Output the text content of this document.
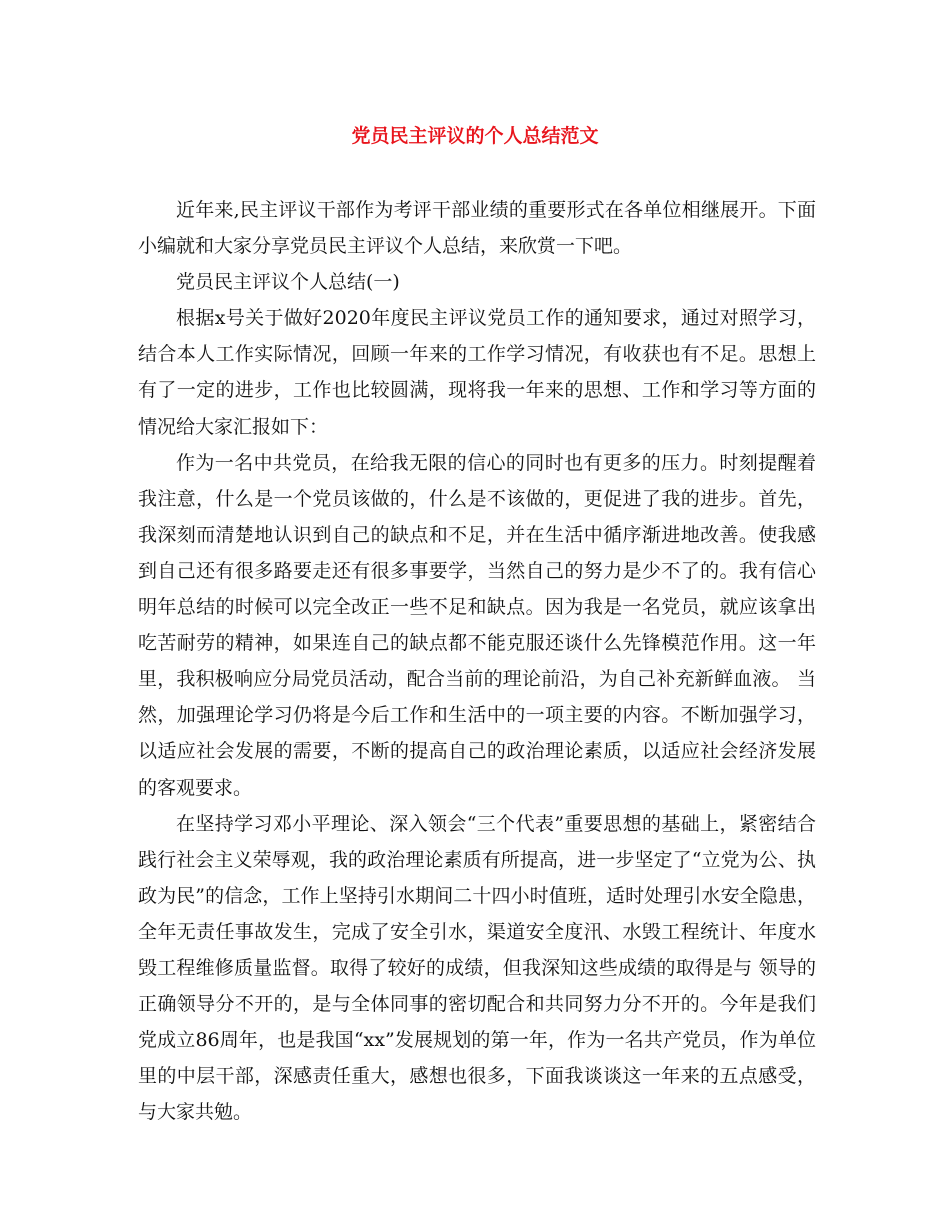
党员民主评议的个人总结范文

近年来,民主评议干部作为考评干部业绩的重要形式在各单位相继展开。下面小编就和大家分享党员民主评议个人总结，来欣赏一下吧。

党员民主评议个人总结(一)

根据x号关于做好2020年度民主评议党员工作的通知要求，通过对照学习，结合本人工作实际情况，回顾一年来的工作学习情况，有收获也有不足。思想上有了一定的进步，工作也比较圆满，现将我一年来的思想、工作和学习等方面的情况给大家汇报如下：

作为一名中共党员，在给我无限的信心的同时也有更多的压力。时刻提醒着我注意，什么是一个党员该做的，什么是不该做的，更促进了我的进步。首先，我深刻而清楚地认识到自己的缺点和不足，并在生活中循序渐进地改善。使我感到自己还有很多路要走还有很多事要学，当然自己的努力是少不了的。我有信心明年总结的时候可以完全改正一些不足和缺点。因为我是一名党员，就应该拿出吃苦耐劳的精神，如果连自己的缺点都不能克服还谈什么先锋模范作用。这一年里，我积极响应分局党员活动，配合当前的理论前沿，为自己补充新鲜血液。 当然，加强理论学习仍将是今后工作和生活中的一项主要的内容。不断加强学习，以适应社会发展的需要，不断的提高自己的政治理论素质，以适应社会经济发展的客观要求。

在坚持学习邓小平理论、深入领会“三个代表”重要思想的基础上，紧密结合践行社会主义荣辱观，我的政治理论素质有所提高，进一步坚定了“立党为公、执政为民”的信念，工作上坚持引水期间二十四小时值班，适时处理引水安全隐患，全年无责任事故发生，完成了安全引水，渠道安全度汛、水毁工程统计、年度水毁工程维修质量监督。取得了较好的成绩，但我深知这些成绩的取得是与 领导的正确领导分不开的，是与全体同事的密切配合和共同努力分不开的。今年是我们党成立86周年，也是我国“xx”发展规划的第一年，作为一名共产党员，作为单位里的中层干部，深感责任重大，感想也很多，下面我谈谈这一年来的五点感受，与大家共勉。
